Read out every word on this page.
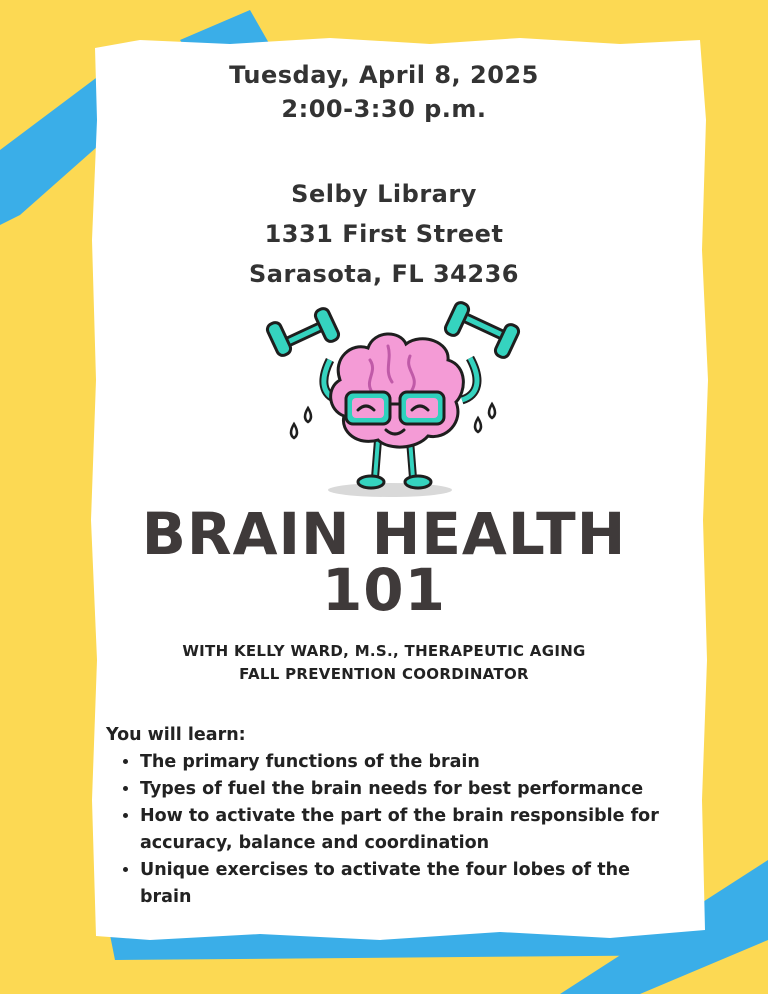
Tuesday, April 8, 2025
2:00-3:30 p.m.
Selby Library
1331 First Street
Sarasota, FL 34236
BRAIN HEALTH
101
WITH KELLY WARD, M.S., THERAPEUTIC AGING
FALL PREVENTION COORDINATOR
You will learn:
• The primary functions of the brain
• Types of fuel the brain needs for best performance
• How to activate the part of the brain responsible for accuracy, balance and coordination
• Unique exercises to activate the four lobes of the brain
